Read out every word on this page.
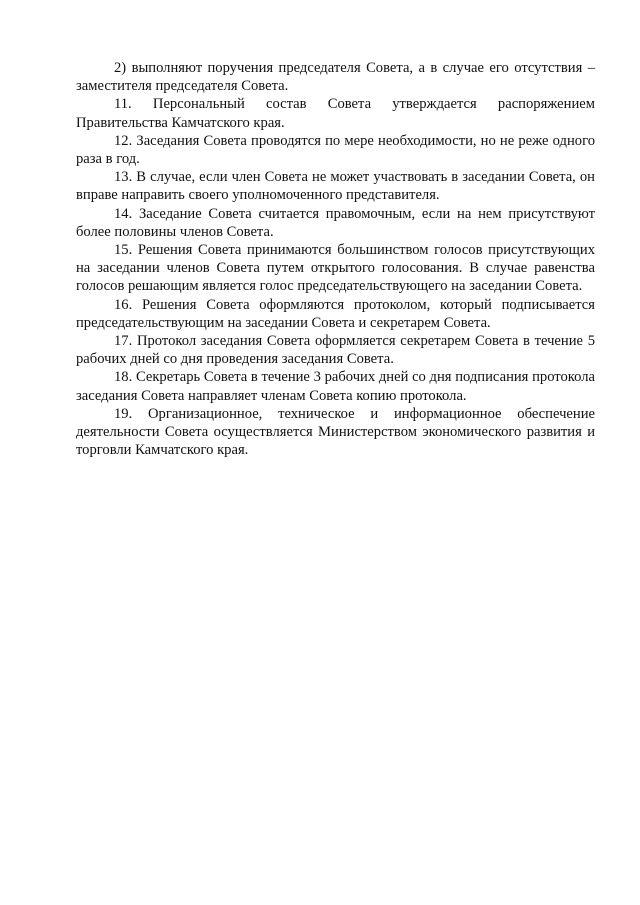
2) выполняют поручения председателя Совета, а в случае его отсутствия – заместителя председателя Совета.

11. Персональный состав Совета утверждается распоряжением Правительства Камчатского края.

12. Заседания Совета проводятся по мере необходимости, но не реже одного раза в год.

13. В случае, если член Совета не может участвовать в заседании Совета, он вправе направить своего уполномоченного представителя.

14. Заседание Совета считается правомочным, если на нем присутствуют более половины членов Совета.

15. Решения Совета принимаются большинством голосов присутствующих на заседании членов Совета путем открытого голосования. В случае равенства голосов решающим является голос председательствующего на заседании Совета.

16. Решения Совета оформляются протоколом, который подписывается председательствующим на заседании Совета и секретарем Совета.

17. Протокол заседания Совета оформляется секретарем Совета в течение 5 рабочих дней со дня проведения заседания Совета.

18. Секретарь Совета в течение 3 рабочих дней со дня подписания протокола заседания Совета направляет членам Совета копию протокола.

19. Организационное, техническое и информационное обеспечение деятельности Совета осуществляется Министерством экономического развития и торговли Камчатского края.
